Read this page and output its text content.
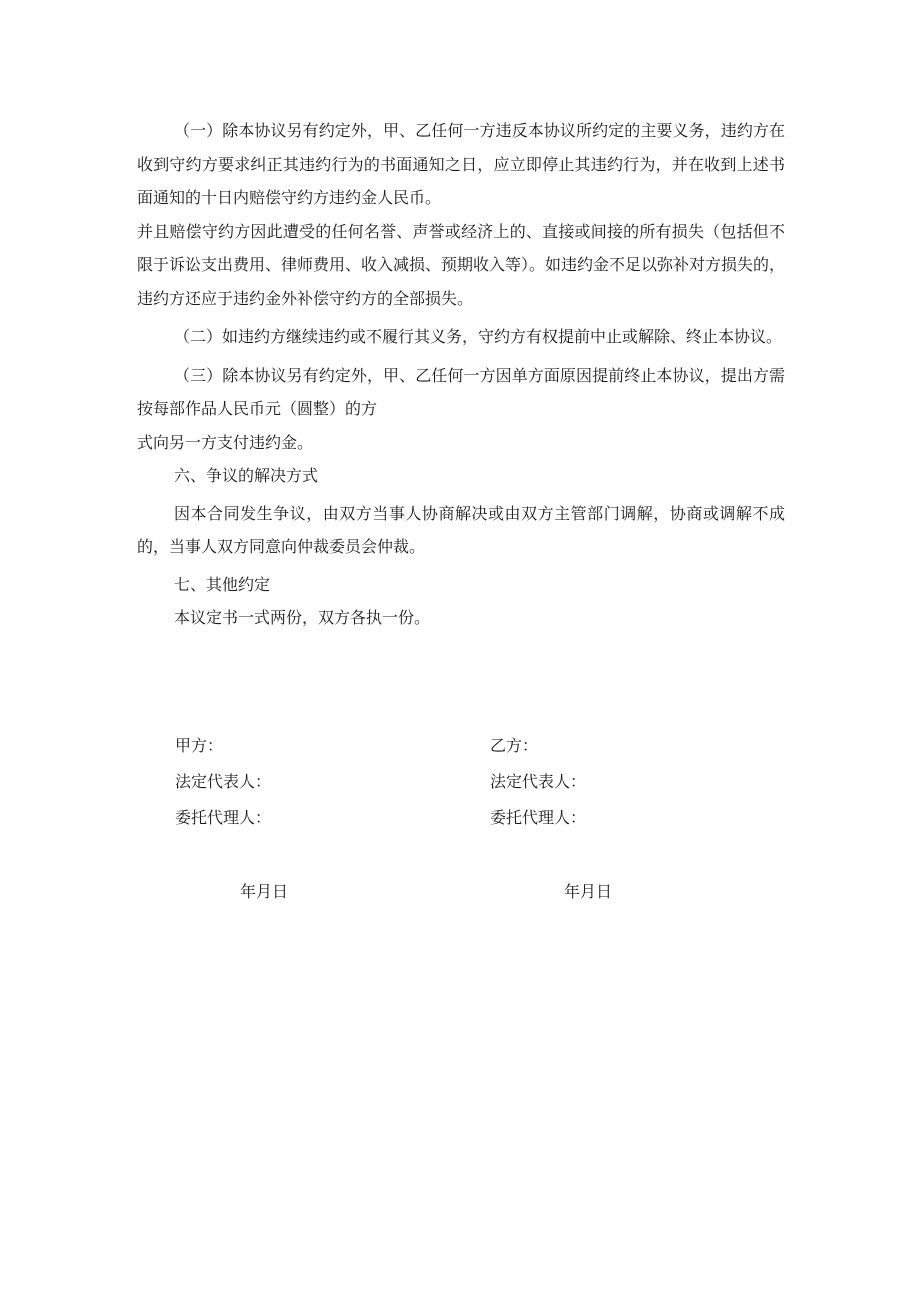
（一）除本协议另有约定外，甲、乙任何一方违反本协议所约定的主要义务，违约方在收到守约方要求纠正其违约行为的书面通知之日，应立即停止其违约行为，并在收到上述书面通知的十日内赔偿守约方违约金人民币。

并且赔偿守约方因此遭受的任何名誉、声誉或经济上的、直接或间接的所有损失（包括但不限于诉讼支出费用、律师费用、收入减损、预期收入等）。如违约金不足以弥补对方损失的，违约方还应于违约金外补偿守约方的全部损失。

（二）如违约方继续违约或不履行其义务，守约方有权提前中止或解除、终止本协议。

（三）除本协议另有约定外，甲、乙任何一方因单方面原因提前终止本协议，提出方需按每部作品人民币元（圆整）的方

式向另一方支付违约金。

六、争议的解决方式

因本合同发生争议，由双方当事人协商解决或由双方主管部门调解，协商或调解不成的，当事人双方同意向仲裁委员会仲裁。

七、其他约定

本议定书一式两份，双方各执一份。

甲方：

法定代表人：

委托代理人：

乙方：

法定代表人：

委托代理人：

年月日	年月日
